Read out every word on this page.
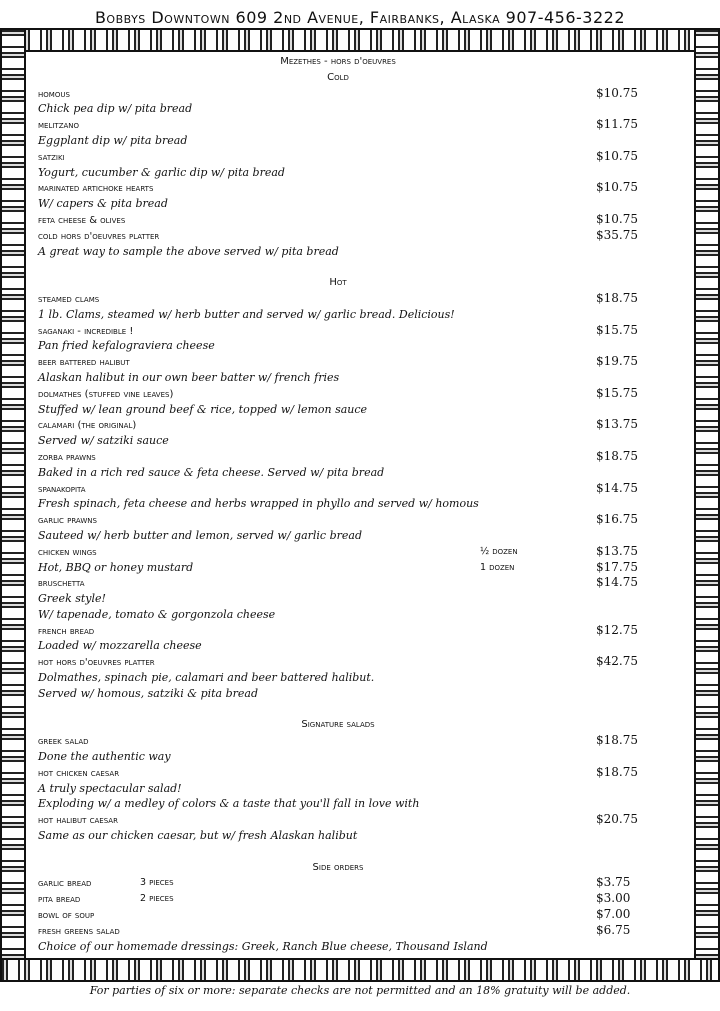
Bobbys Downtown 609 2nd Avenue, Fairbanks, Alaska 907-456-3222
Mezethes - hors d'oeuvres
Cold
homous	$10.75
Chick pea dip w/ pita bread
melitzano	$11.75
Eggplant dip w/ pita bread
satziki	$10.75
Yogurt, cucumber & garlic dip w/ pita bread
marinated artichoke hearts	$10.75
W/ capers & pita bread
feta cheese & olives	$10.75
cold hors d'oeuvres platter	$35.75
A great way to sample the above served w/ pita bread
Hot
steamed clams	$18.75
1 lb. Clams, steamed w/ herb butter and served w/ garlic bread. Delicious!
saganaki - incredible !	$15.75
Pan fried kefalograviera cheese
beer battered halibut	$19.75
Alaskan halibut in our own beer batter w/ french fries
dolmathes (stuffed vine leaves)	$15.75
Stuffed w/ lean ground beef & rice, topped w/ lemon sauce
calamari (the original)	$13.75
Served w/ satziki sauce
zorba prawns	$18.75
Baked in a rich red sauce & feta cheese. Served w/ pita bread
spanakopita	$14.75
Fresh spinach, feta cheese and herbs wrapped in phyllo and served w/ homous
garlic prawns	$16.75
Sauteed w/ herb butter and lemon, served w/ garlic bread
chicken wings	½ dozen	$13.75
Hot, BBQ or honey mustard	1 dozen	$17.75
bruschetta	$14.75
Greek style!
W/ tapenade, tomato & gorgonzola cheese
french bread	$12.75
Loaded w/ mozzarella cheese
hot hors d'oeuvres platter	$42.75
Dolmathes, spinach pie, calamari and beer battered halibut.
Served w/ homous, satziki & pita bread
Signature salads
greek salad	$18.75
Done the authentic way
hot chicken caesar	$18.75
A truly spectacular salad!
Exploding w/ a medley of colors & a taste that you'll fall in love with
hot halibut caesar	$20.75
Same as our chicken caesar, but w/ fresh Alaskan halibut
Side orders
garlic bread	3 pieces	$3.75
pita bread	2 pieces	$3.00
bowl of soup	$7.00
fresh greens salad	$6.75
Choice of our homemade dressings: Greek, Ranch Blue cheese, Thousand Island
For parties of six or more: separate checks are not permitted and an 18% gratuity will be added.
